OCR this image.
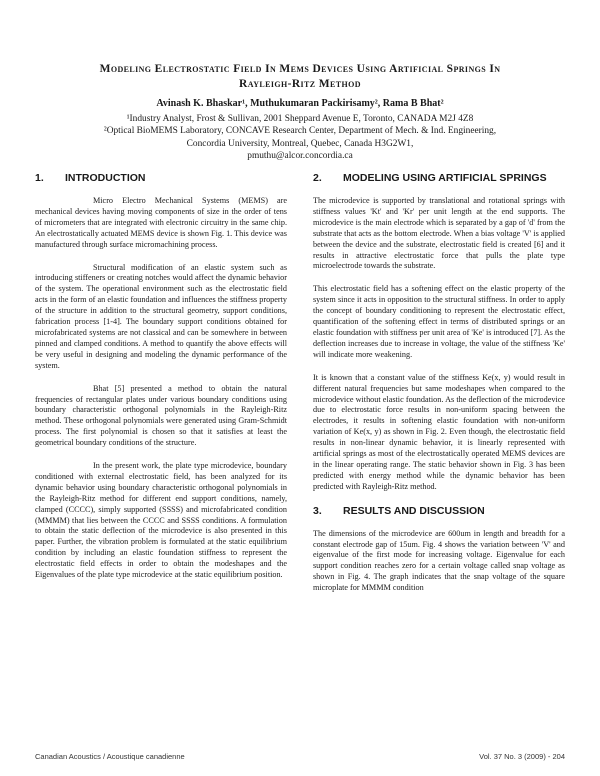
Modeling Electrostatic Field In Mems Devices Using Artificial Springs In
Rayleigh-Ritz Method
Avinash K. Bhaskar¹, Muthukumaran Packirisamy², Rama B Bhat²
¹Industry Analyst, Frost & Sullivan, 2001 Sheppard Avenue E, Toronto, CANADA M2J 4Z8
²Optical BioMEMS Laboratory, CONCAVE Research Center, Department of Mech. & Ind. Engineering,
Concordia University, Montreal, Quebec, Canada H3G2W1,
pmuthu@alcor.concordia.ca
1.	INTRODUCTION

Micro Electro Mechanical Systems (MEMS) are mechanical devices having moving components of size in the order of tens of micrometers that are integrated with electronic circuitry in the same chip. An electrostatically actuated MEMS device is shown Fig. 1. This device was manufactured through surface micromachining process.

Structural modification of an elastic system such as introducing stiffeners or creating notches would affect the dynamic behavior of the system. The operational environment such as the electrostatic field acts in the form of an elastic foundation and influences the stiffness property of the structure in addition to the structural geometry, support conditions, fabrication process [1-4]. The boundary support conditions obtained for microfabricated systems are not classical and can be somewhere in between pinned and clamped conditions. A method to quantify the above effects will be very useful in designing and modeling the dynamic performance of the system.

Bhat [5] presented a method to obtain the natural frequencies of rectangular plates under various boundary conditions using boundary characteristic orthogonal polynomials in the Rayleigh-Ritz method. These orthogonal polynomials were generated using Gram-Schmidt process. The first polynomial is chosen so that it satisfies at least the geometrical boundary conditions of the structure.

In the present work, the plate type microdevice, boundary conditioned with external electrostatic field, has been analyzed for its dynamic behavior using boundary characteristic orthogonal polynomials in the Rayleigh-Ritz method for different end support conditions, namely, clamped (CCCC), simply supported (SSSS) and microfabricated condition (MMMM) that lies between the CCCC and SSSS conditions. A formulation to obtain the static deflection of the microdevice is also presented in this paper. Further, the vibration problem is formulated at the static equilibrium condition by including an elastic foundation stiffness to represent the electrostatic field effects in order to obtain the modeshapes and the Eigenvalues of the plate type microdevice at the static equilibrium position.

2.	MODELING USING ARTIFICIAL SPRINGS

The microdevice is supported by translational and rotational springs with stiffness values 'Kt' and 'Kr' per unit length at the end supports. The microdevice is the main electrode which is separated by a gap of 'd' from the substrate that acts as the bottom electrode. When a bias voltage 'V' is applied between the device and the substrate, electrostatic field is created [6] and it results in attractive electrostatic force that pulls the plate type microelectrode towards the substrate.

This electrostatic field has a softening effect on the elastic property of the system since it acts in opposition to the structural stiffness. In order to apply the concept of boundary conditioning to represent the electrostatic effect, quantification of the softening effect in terms of distributed springs or an elastic foundation with stiffness per unit area of 'Ke' is introduced [7]. As the deflection increases due to increase in voltage, the value of the stiffness 'Ke' will indicate more weakening.

It is known that a constant value of the stiffness Ke(x, y) would result in different natural frequencies but same modeshapes when compared to the microdevice without elastic foundation. As the deflection of the microdevice due to electrostatic force results in non-uniform spacing between the electrodes, it results in softening elastic foundation with non-uniform variation of Ke(x, y) as shown in Fig. 2. Even though, the electrostatic field results in non-linear dynamic behavior, it is linearly represented with artificial springs as most of the electrostatically operated MEMS devices are in the linear operating range. The static behavior shown in Fig. 3 has been predicted with energy method while the dynamic behavior has been predicted with Rayleigh-Ritz method.

3.	RESULTS AND DISCUSSION

The dimensions of the microdevice are 600um in length and breadth for a constant electrode gap of 15um. Fig. 4 shows the variation between 'V' and eigenvalue of the first mode for increasing voltage. Eigenvalue for each support condition reaches zero for a certain voltage called snap voltage as shown in Fig. 4. The graph indicates that the snap voltage of the square microplate for MMMM condition

Canadian Acoustics / Acoustique canadienne	Vol. 37 No. 3 (2009) - 204
